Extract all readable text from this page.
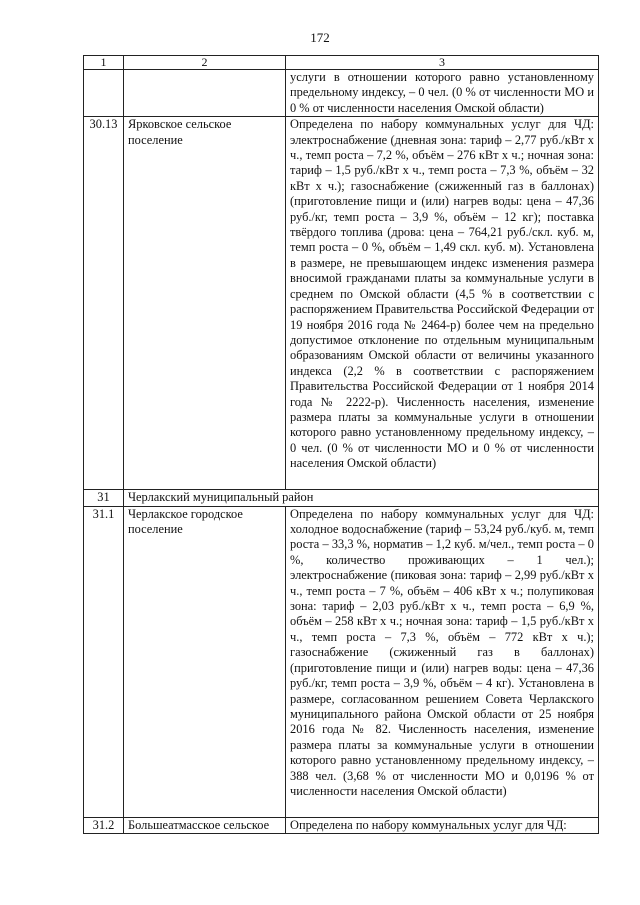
172
1	2	3
		услуги в отношении которого равно установленному предельному индексу, – 0 чел. (0 % от численности МО и 0 % от численности населения Омской области)
30.13	Ярковское сельское поселение	Определена по набору коммунальных услуг для ЧД: электроснабжение (дневная зона: тариф – 2,77 руб./кВт х ч., темп роста – 7,2 %, объём – 276 кВт х ч.; ночная зона: тариф – 1,5 руб./кВт х ч., темп роста – 7,3 %, объём – 32 кВт х ч.); газоснабжение (сжиженный газ в баллонах) (приготовление пищи и (или) нагрев воды: цена – 47,36 руб./кг, темп роста – 3,9 %, объём – 12 кг); поставка твёрдого топлива (дрова: цена – 764,21 руб./скл. куб. м, темп роста – 0 %, объём – 1,49 скл. куб. м). Установлена в размере, не превышающем индекс изменения размера вносимой гражданами платы за коммунальные услуги в среднем по Омской области (4,5 % в соответствии с распоряжением Правительства Российской Федерации от 19 ноября 2016 года № 2464-р) более чем на предельно допустимое отклонение по отдельным муниципальным образованиям Омской области от величины указанного индекса (2,2 % в соответствии с распоряжением Правительства Российской Федерации от 1 ноября 2014 года № 2222-р). Численность населения, изменение размера платы за коммунальные услуги в отношении которого равно установленному предельному индексу, – 0 чел. (0 % от численности МО и 0 % от численности населения Омской области)
31	Черлакский муниципальный район	
31.1	Черлакское городское поселение	Определена по набору коммунальных услуг для ЧД: холодное водоснабжение (тариф – 53,24 руб./куб. м, темп роста – 33,3 %, норматив – 1,2 куб. м/чел., темп роста – 0 %, количество проживающих – 1 чел.); электроснабжение (пиковая зона: тариф – 2,99 руб./кВт х ч., темп роста – 7 %, объём – 406 кВт х ч.; полупиковая зона: тариф – 2,03 руб./кВт х ч., темп роста – 6,9 %, объём – 258 кВт х ч.; ночная зона: тариф – 1,5 руб./кВт х ч., темп роста – 7,3 %, объём – 772 кВт х ч.); газоснабжение (сжиженный газ в баллонах) (приготовление пищи и (или) нагрев воды: цена – 47,36 руб./кг, темп роста – 3,9 %, объём – 4 кг). Установлена в размере, согласованном решением Совета Черлакского муниципального района Омской области от 25 ноября 2016 года № 82. Численность населения, изменение размера платы за коммунальные услуги в отношении которого равно установленному предельному индексу, – 388 чел. (3,68 % от численности МО и 0,0196 % от численности населения Омской области)
31.2	Большеатмасское сельское	Определена по набору коммунальных услуг для ЧД:
